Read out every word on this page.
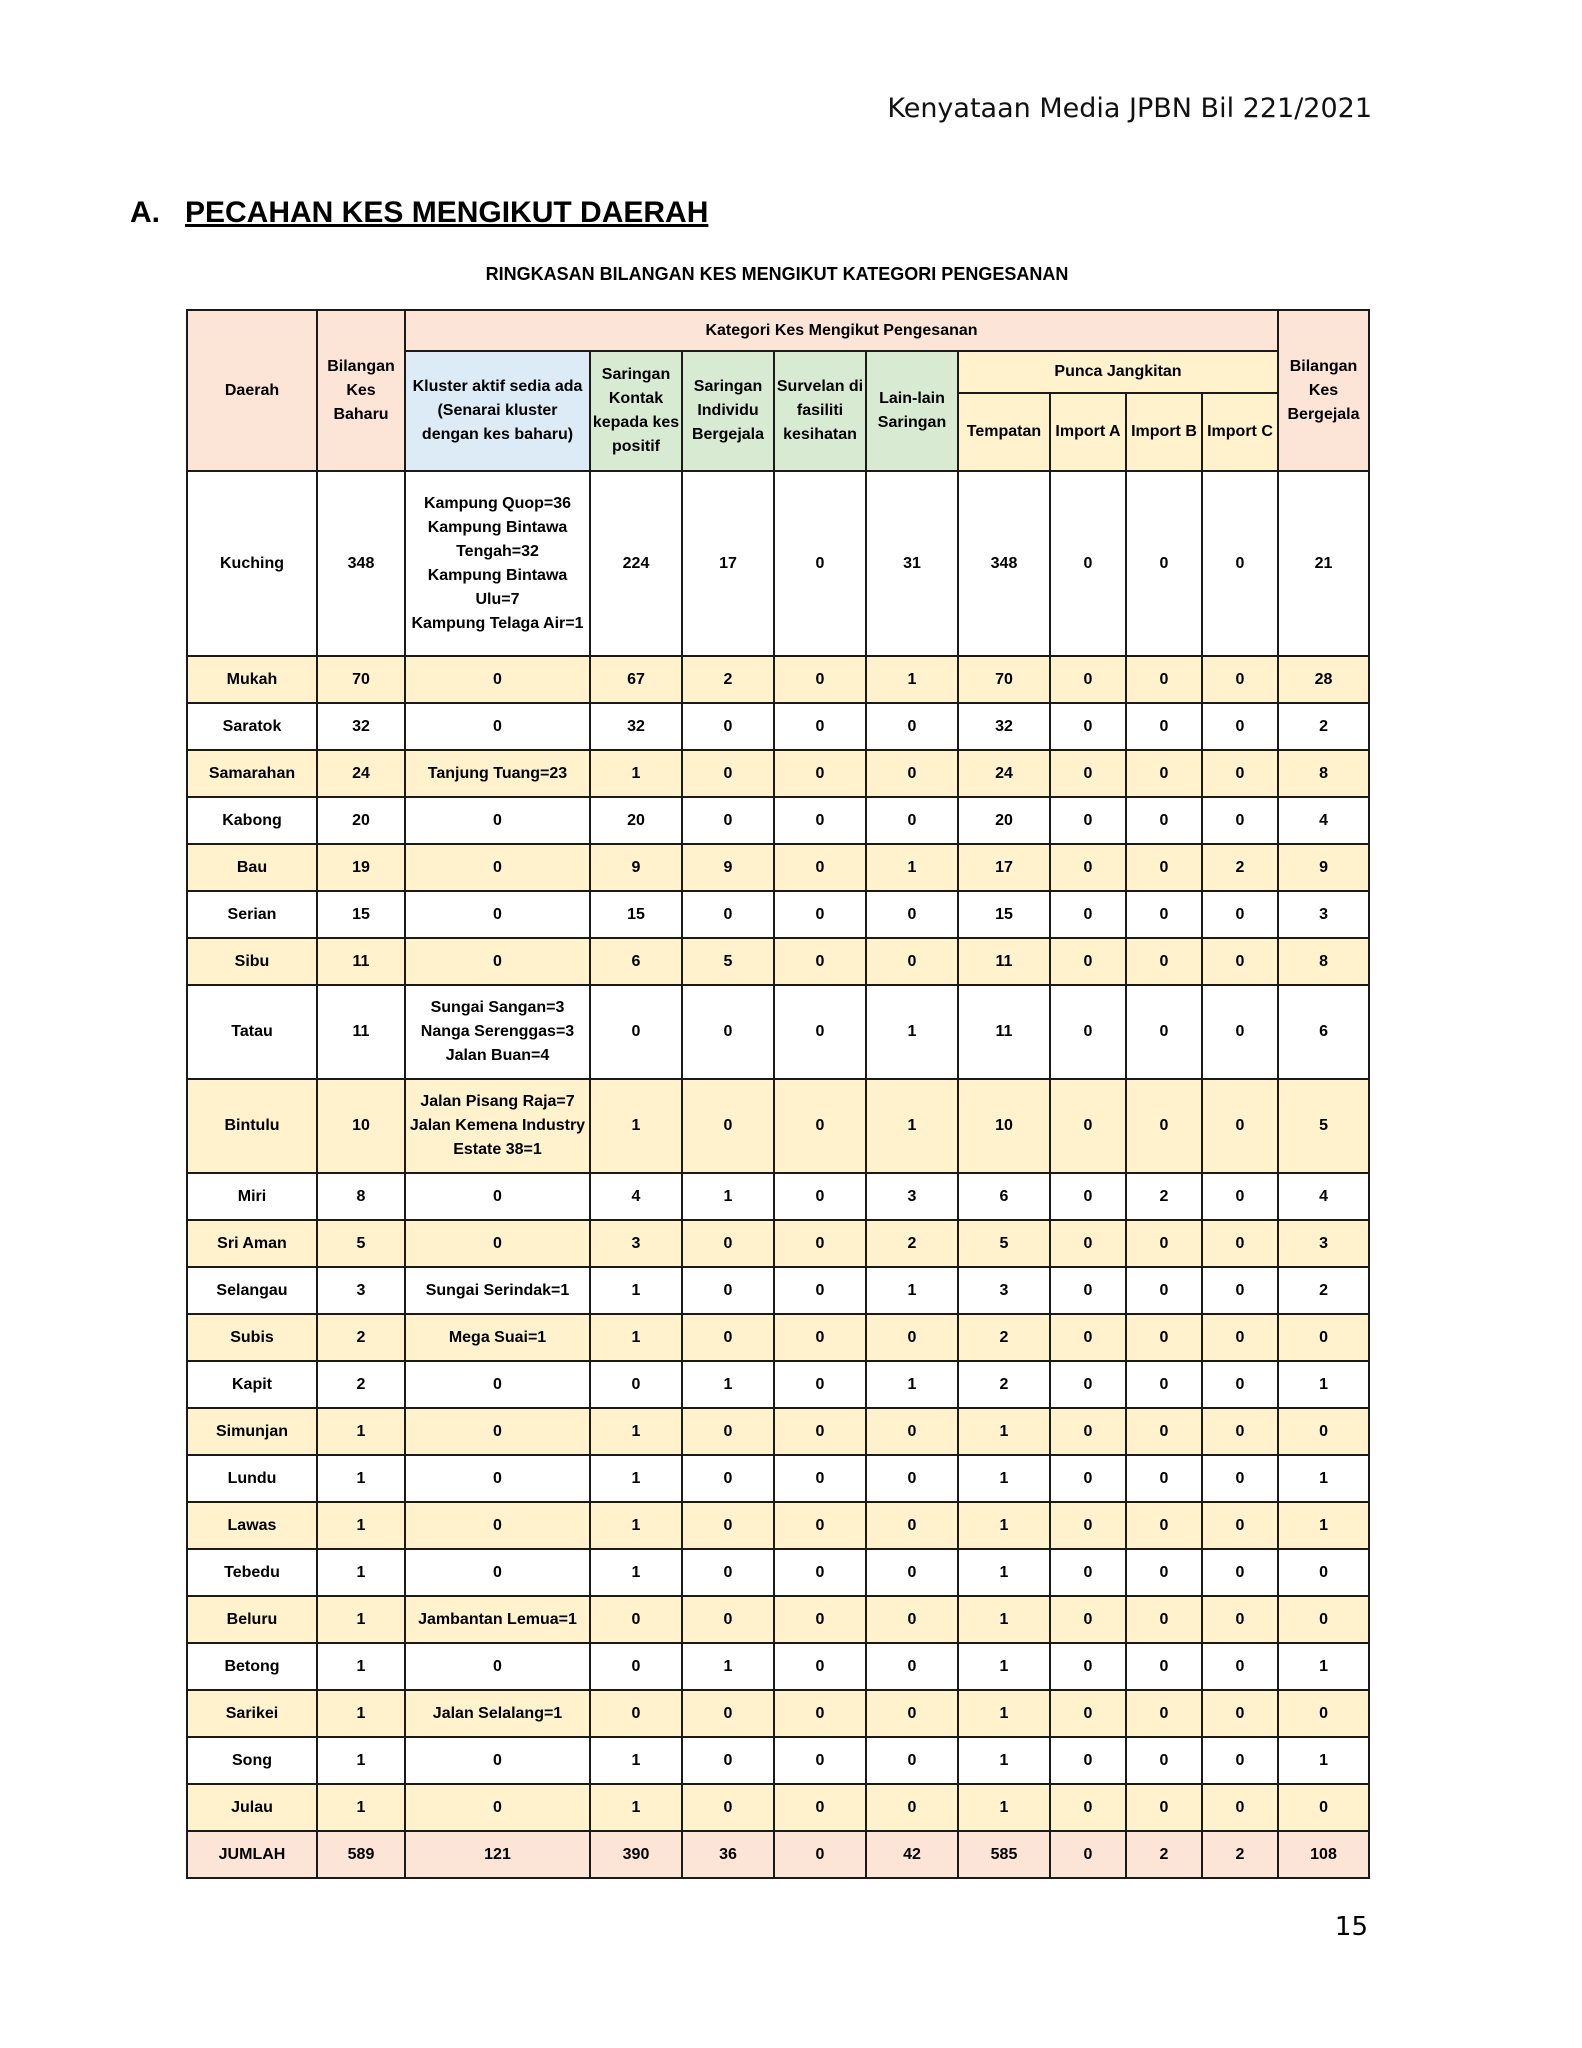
Kenyataan Media JPBN Bil 221/2021
A. PECAHAN KES MENGIKUT DAERAH
RINGKASAN BILANGAN KES MENGIKUT KATEGORI PENGESANAN
Daerah	Bilangan Kes Baharu	Kategori Kes Mengikut Pengesanan									Bilangan Kes Bergejala
		Kluster aktif sedia ada (Senarai kluster dengan kes baharu)	Saringan Kontak kepada kes positif	Saringan Individu Bergejala	Survelan di fasiliti kesihatan	Lain-lain Saringan	Punca Jangkitan				
							Tempatan	Import A	Import B	Import C	
Kuching	348	Kampung Quop=36
Kampung Bintawa Tengah=32
Kampung Bintawa Ulu=7
Kampung Telaga Air=1	224	17	0	31	348	0	0	0	21
Mukah	70	0	67	2	0	1	70	0	0	0	28
Saratok	32	0	32	0	0	0	32	0	0	0	2
Samarahan	24	Tanjung Tuang=23	1	0	0	0	24	0	0	0	8
Kabong	20	0	20	0	0	0	20	0	0	0	4
Bau	19	0	9	9	0	1	17	0	0	2	9
Serian	15	0	15	0	0	0	15	0	0	0	3
Sibu	11	0	6	5	0	0	11	0	0	0	8
Tatau	11	Sungai Sangan=3
Nanga Serenggas=3
Jalan Buan=4	0	0	0	1	11	0	0	0	6
Bintulu	10	Jalan Pisang Raja=7
Jalan Kemena Industry Estate 38=1	1	0	0	1	10	0	0	0	5
Miri	8	0	4	1	0	3	6	0	2	0	4
Sri Aman	5	0	3	0	0	2	5	0	0	0	3
Selangau	3	Sungai Serindak=1	1	0	0	1	3	0	0	0	2
Subis	2	Mega Suai=1	1	0	0	0	2	0	0	0	0
Kapit	2	0	0	1	0	1	2	0	0	0	1
Simunjan	1	0	1	0	0	0	1	0	0	0	0
Lundu	1	0	1	0	0	0	1	0	0	0	1
Lawas	1	0	1	0	0	0	1	0	0	0	1
Tebedu	1	0	1	0	0	0	1	0	0	0	0
Beluru	1	Jambantan Lemua=1	0	0	0	0	1	0	0	0	0
Betong	1	0	0	1	0	0	1	0	0	0	1
Sarikei	1	Jalan Selalang=1	0	0	0	0	1	0	0	0	0
Song	1	0	1	0	0	0	1	0	0	0	1
Julau	1	0	1	0	0	0	1	0	0	0	0
JUMLAH	589	121	390	36	0	42	585	0	2	2	108
15
